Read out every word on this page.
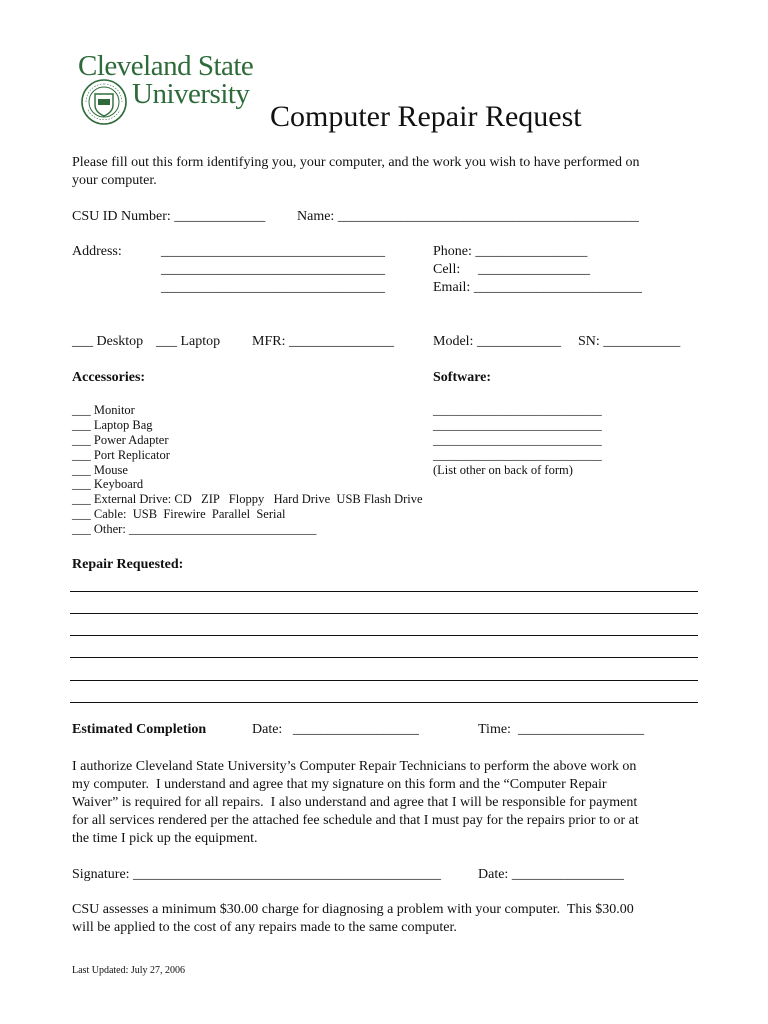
Cleveland State
University
Computer Repair Request
Please fill out this form identifying you, your computer, and the work you wish to have performed on
your computer.
CSU ID Number: _____________ Name: ___________________________________________
Address:	________________________________
________________________________
________________________________
Phone: ________________
Cell: ________________
Email: ________________________
___ Desktop ___ Laptop MFR: _______________	Model: ____________ SN: ___________
Accessories:
___ Monitor
___ Laptop Bag
___ Power Adapter
___ Port Replicator
___ Mouse
___ Keyboard
___ External Drive: CD   ZIP   Floppy   Hard Drive  USB Flash Drive
___ Cable:  USB  Firewire  Parallel  Serial
___ Other: ______________________________
Software:
___________________________
___________________________
___________________________
___________________________
(List other on back of form)
Repair Requested:
Estimated Completion	Date:   __________________	Time:  __________________
I authorize Cleveland State University’s Computer Repair Technicians to perform the above work on
my computer.  I understand and agree that my signature on this form and the “Computer Repair
Waiver” is required for all repairs.  I also understand and agree that I will be responsible for payment
for all services rendered per the attached fee schedule and that I must pay for the repairs prior to or at
the time I pick up the equipment.
Signature: ____________________________________________	Date: ________________
CSU assesses a minimum $30.00 charge for diagnosing a problem with your computer.  This $30.00
will be applied to the cost of any repairs made to the same computer.
Last Updated: July 27, 2006
